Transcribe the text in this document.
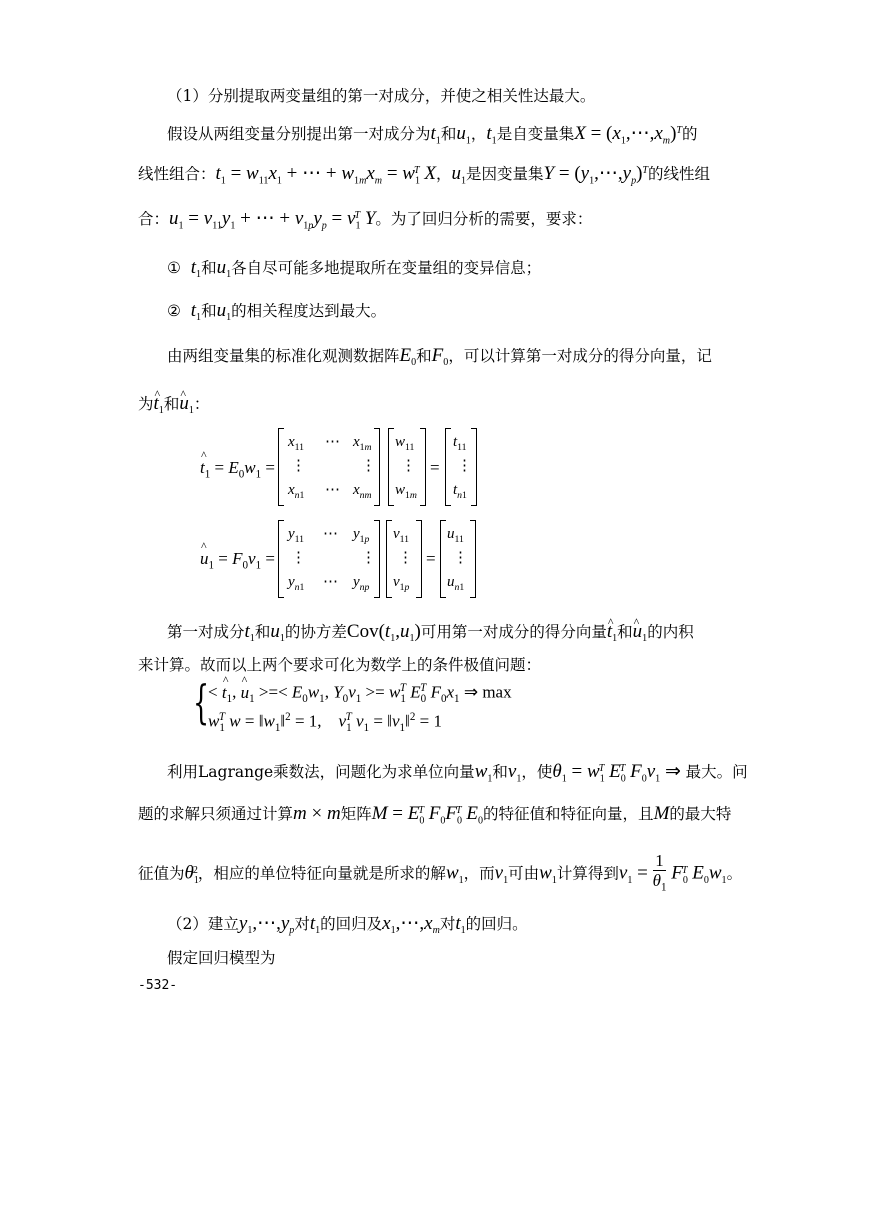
（1）分别提取两变量组的第一对成分，并使之相关性达最大。
假设从两组变量分别提出第一对成分为$t_1$和$u_1$，$t_1$是自变量集$X = (x_1,\cdots,x_m)^T$的
线性组合：$t_1 = w_{11}x_1$ + ⋯ + $w_{1m}x_m = w_1^T$ X，$u_1$是因变量集$Y = (y_1,\cdots,y_p)^T$的线性组
合：$u_1 = v_{11}y_1$ + ⋯ + $v_{1p}y_p = v_1^T$ Y。为了回归分析的需要，要求：
① $t_1$和$u_1$各自尽可能多地提取所在变量组的变异信息；
② $t_1$和$u_1$的相关程度达到最大。
由两组变量集的标准化观测数据阵$E_0$和$F_0$，可以计算第一对成分的得分向量，记
为^ $t_1$和^ $u_1$：
^ $t_1 = E_0w_1$ =
$x_{11}$ ⋯ $x_{1m}$
⋮	⋮
$x_{n1}$ ⋯ $x_{nm}$
$w_{11}$
⋮
$w_{1m}$
=
$t_{11}$
⋮
$t_{n1}$
^ $u_1 = F_0v_1$ =
$y_{11}$ ⋯ $y_{1p}$
⋮	⋮
$y_{n1}$ ⋯ $y_{np}$
$v_{11}$
⋮
$v_{1p}$
=
$u_{11}$
⋮
$u_{n1}$
第一对成分$t_1$和$u_1$的协方差$Cov(t_1,u_1)$可用第一对成分的得分向量^ $t_1$和^ $u_1$的内积
来计算。故而以上两个要求可化为数学上的条件极值问题：
{
< ^ $t_1$, ^ $u_1$ >=< $E_0w_1$, $Y_0v_1 >= w_1^T$ $E_0^T$ $F_0x_1$ ⇒ max
$w_1^T$ $w = ‖w_1‖^2 = 1$,    $v_1^T$ $v_1$ = $‖v_1‖^2 = 1$
利用Lagrange乘数法，问题化为求单位向量$w_1$和$v_1$，使$\theta_1 = w_1^T$ $E_0^T$ $F_0v_1$ ⇒ 最大。问
题的求解只须通过计算m × m矩阵$M = E_0^T$ $F_0F_0^T$ $E_0$的特征值和特征向量，且M的最大特
征值为$\theta_1^2$，相应的单位特征向量就是所求的解$w_1$，而$v_1$可由$w_1$计算得到$v_1 = \frac{1}{\theta_1} F_0^T$ $E_0w_1$。
（2）建立$y_1,\cdots,y_p$对$t_1$的回归及$x_1,\cdots,x_m$对$t_1$的回归。
假定回归模型为
-532-
